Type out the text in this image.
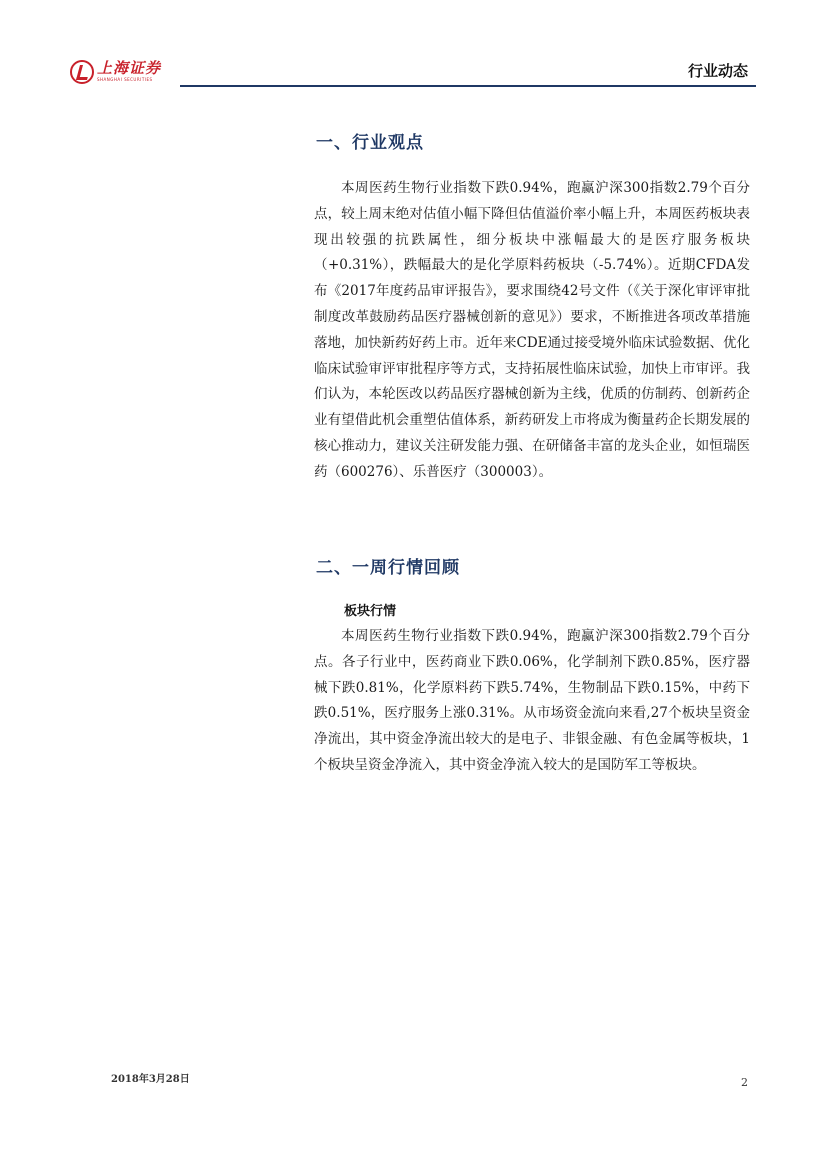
上海证券
SHANGHAI SECURITIES	行业动态
一、行业观点

本周医药生物行业指数下跌0.94%，跑赢沪深300指数2.79个百分点，较上周末绝对估值小幅下降但估值溢价率小幅上升，本周医药板块表现出较强的抗跌属性，细分板块中涨幅最大的是医疗服务板块（+0.31%），跌幅最大的是化学原料药板块（-5.74%）。近期CFDA发布《2017年度药品审评报告》，要求围绕42号文件（《关于深化审评审批制度改革鼓励药品医疗器械创新的意见》）要求，不断推进各项改革措施落地，加快新药好药上市。近年来CDE通过接受境外临床试验数据、优化临床试验审评审批程序等方式，支持拓展性临床试验，加快上市审评。我们认为，本轮医改以药品医疗器械创新为主线，优质的仿制药、创新药企业有望借此机会重塑估值体系，新药研发上市将成为衡量药企长期发展的核心推动力，建议关注研发能力强、在研储备丰富的龙头企业，如恒瑞医药（600276）、乐普医疗（300003）。

二、一周行情回顾
板块行情

本周医药生物行业指数下跌0.94%，跑赢沪深300指数2.79个百分点。各子行业中，医药商业下跌0.06%，化学制剂下跌0.85%，医疗器械下跌0.81%，化学原料药下跌5.74%，生物制品下跌0.15%，中药下跌0.51%，医疗服务上涨0.31%。从市场资金流向来看,27个板块呈资金净流出，其中资金净流出较大的是电子、非银金融、有色金属等板块，1个板块呈资金净流入，其中资金净流入较大的是国防军工等板块。

2018年3月28日	2
